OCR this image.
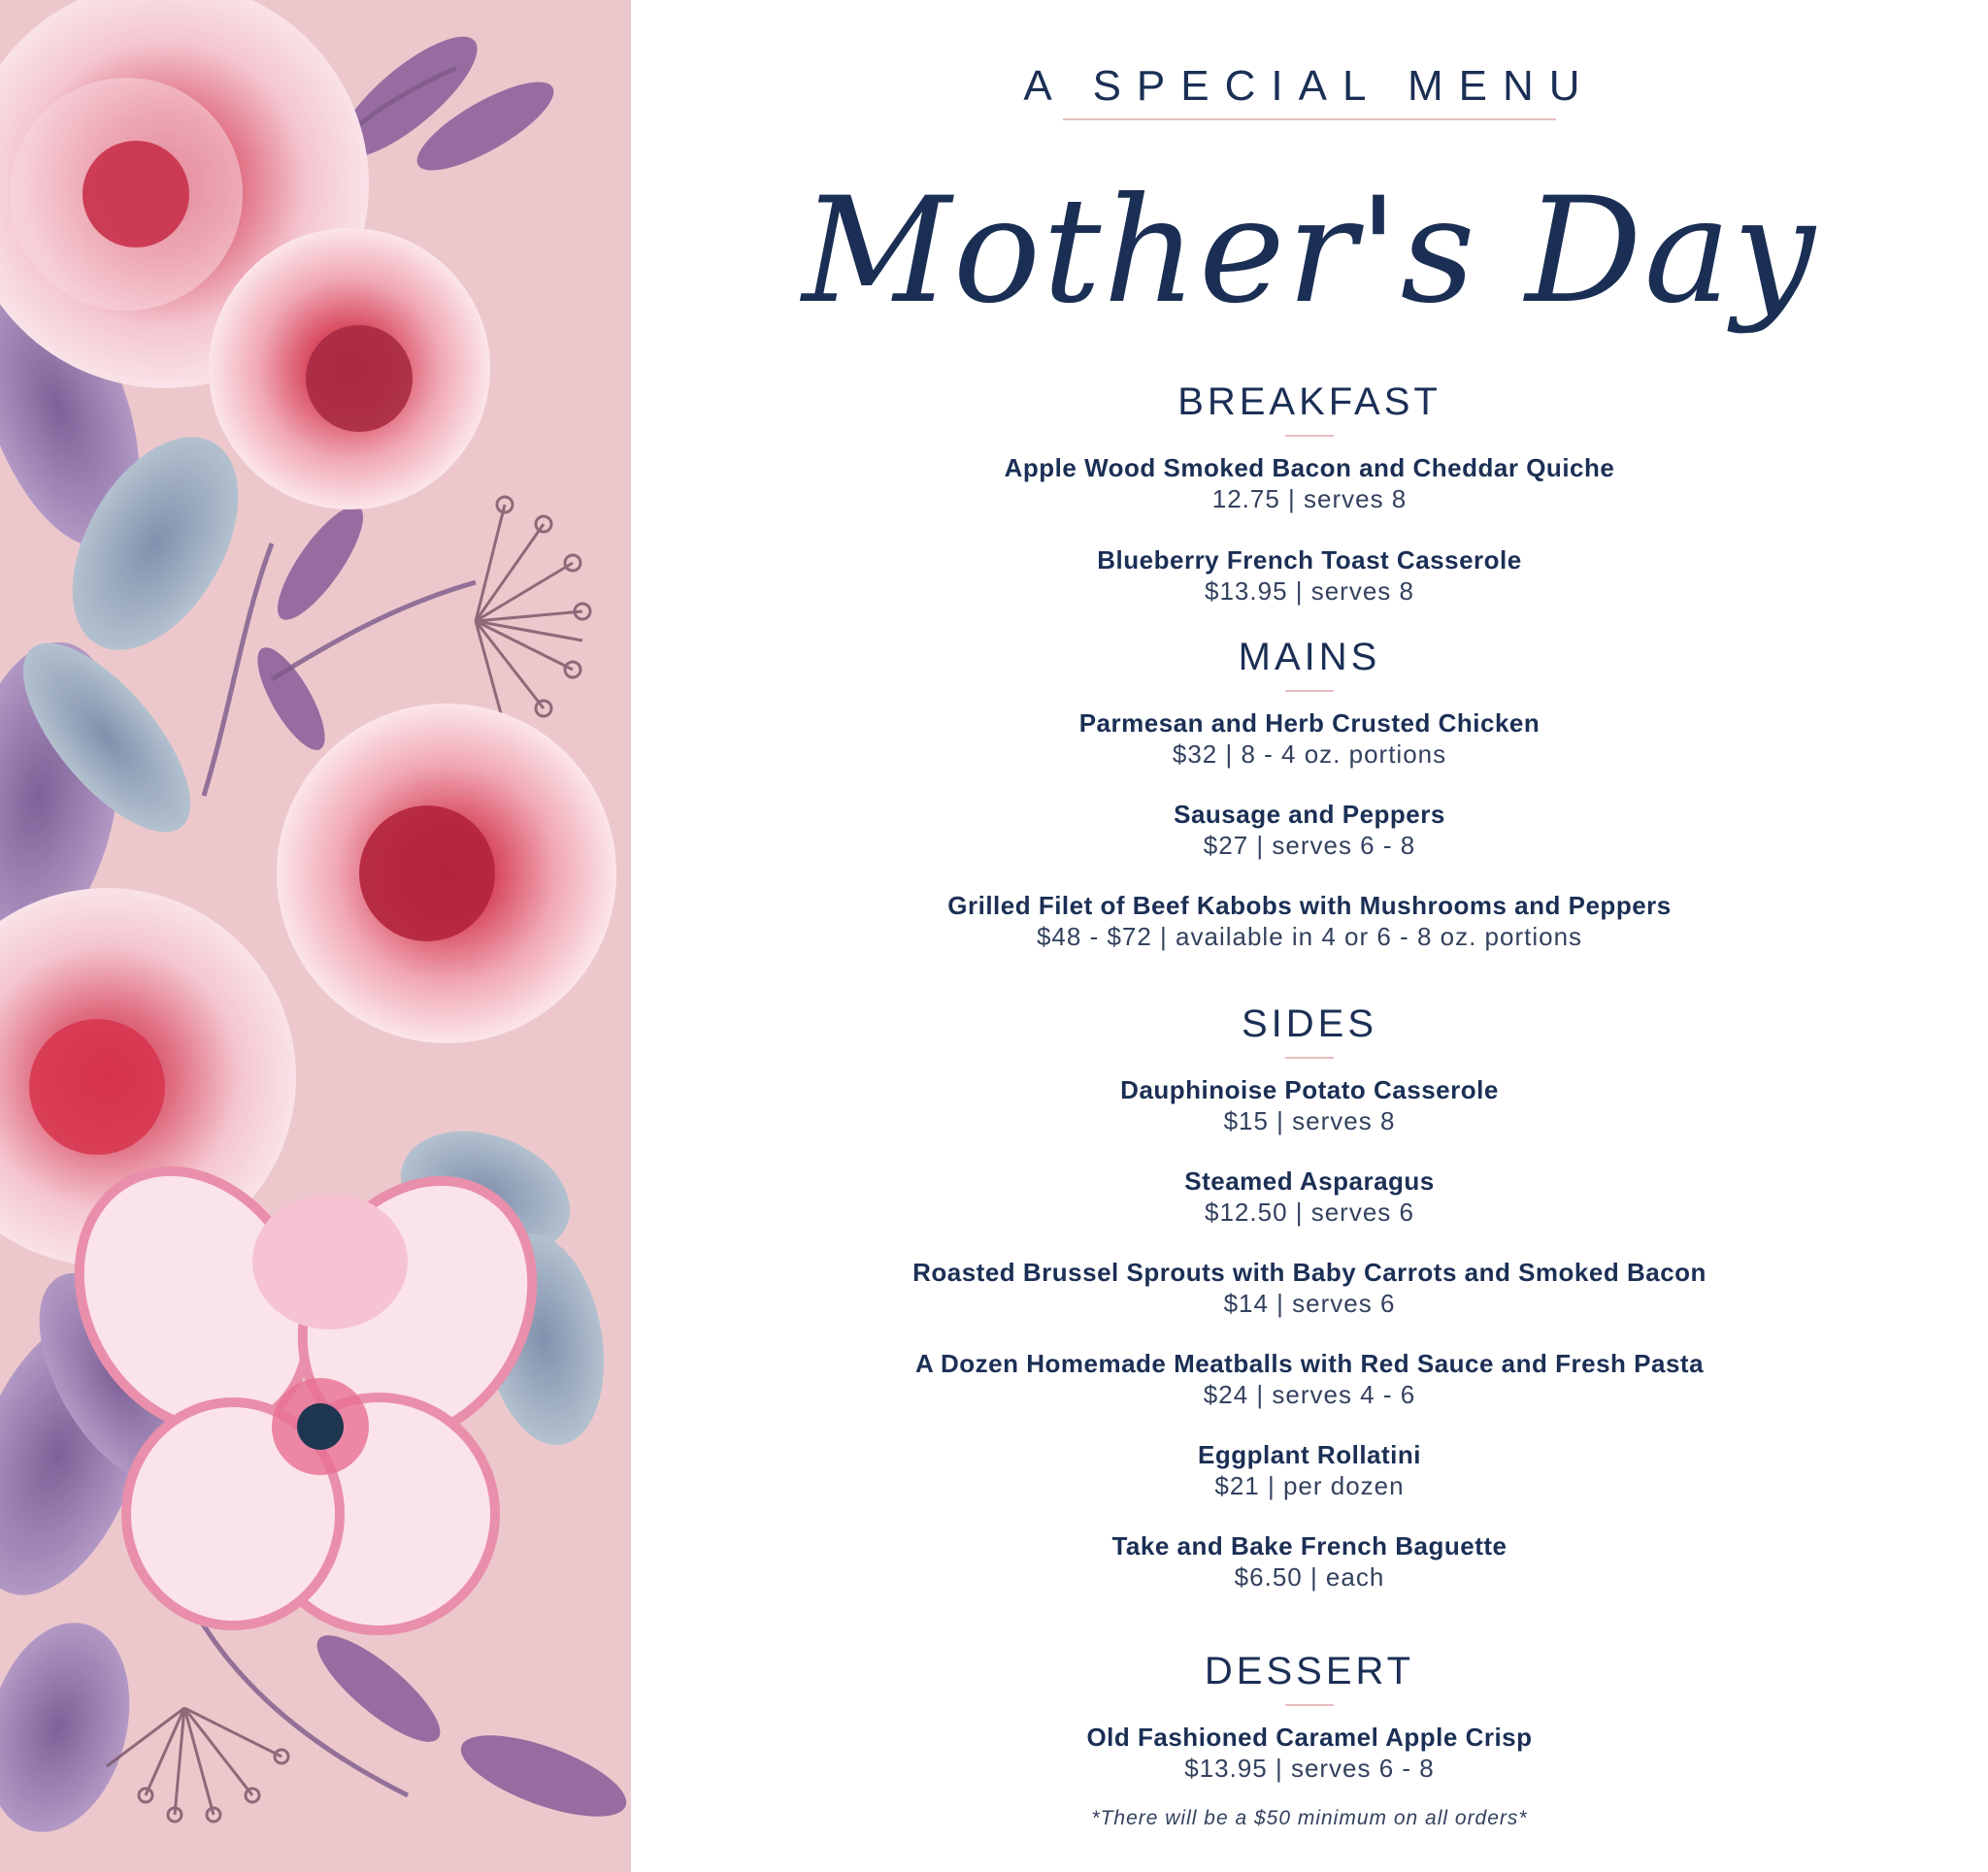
A SPECIAL MENU
Mother's Day
BREAKFAST
Apple Wood Smoked Bacon and Cheddar Quiche
12.75 | serves 8
Blueberry French Toast Casserole
$13.95 | serves 8
MAINS
Parmesan and Herb Crusted Chicken
$32 | 8 - 4 oz. portions
Sausage and Peppers
$27 | serves 6 - 8
Grilled Filet of Beef Kabobs with Mushrooms and Peppers
$48 - $72 | available in 4 or 6 - 8 oz. portions
SIDES
Dauphinoise Potato Casserole
$15 | serves 8
Steamed Asparagus
$12.50 | serves 6
Roasted Brussel Sprouts with Baby Carrots and Smoked Bacon
$14 | serves 6
A Dozen Homemade Meatballs with Red Sauce and Fresh Pasta
$24 | serves 4 - 6
Eggplant Rollatini
$21 | per dozen
Take and Bake French Baguette
$6.50 | each
DESSERT
Old Fashioned Caramel Apple Crisp
$13.95 | serves 6 - 8
*There will be a $50 minimum on all orders*
